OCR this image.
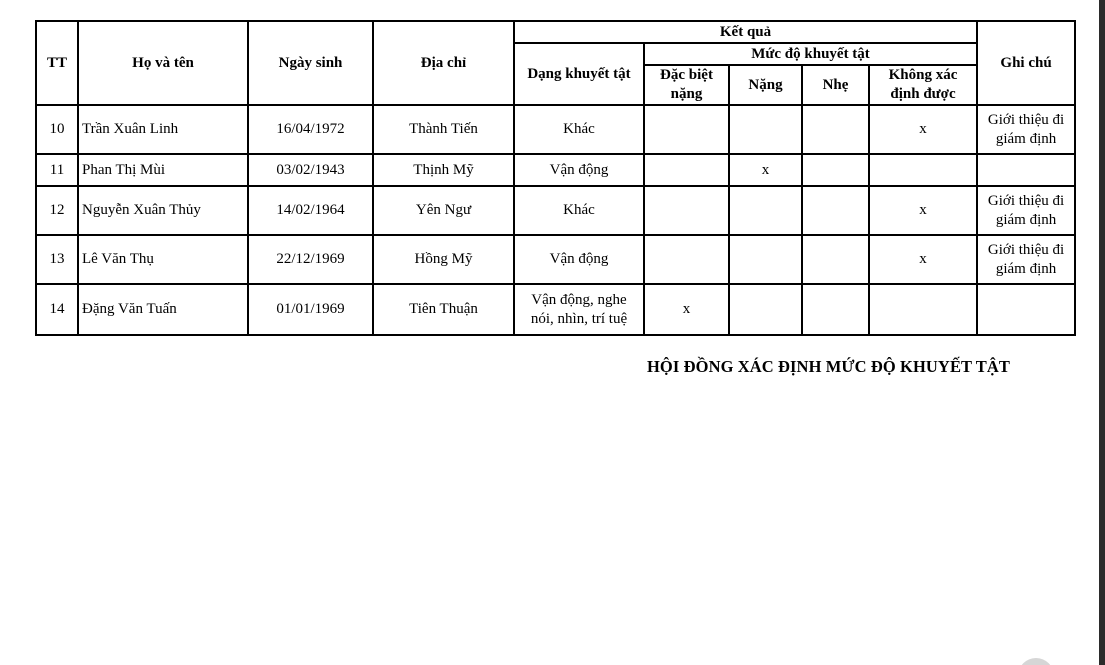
TT	Họ và tên	Ngày sinh	Địa chỉ	Kết quả					Ghi chú
				Dạng khuyết tật	Mức độ khuyết tật				
					Đặc biệt nặng	Nặng	Nhẹ	Không xác định được	
10	Trần Xuân Linh	16/04/1972	Thành Tiến	Khác				x	Giới thiệu đi giám định
11	Phan Thị Mùi	03/02/1943	Thịnh Mỹ	Vận động		x			
12	Nguyễn Xuân Thủy	14/02/1964	Yên Ngư	Khác				x	Giới thiệu đi giám định
13	Lê Văn Thụ	22/12/1969	Hồng Mỹ	Vận động				x	Giới thiệu đi giám định
14	Đặng Văn Tuấn	01/01/1969	Tiên Thuận	Vận động, nghe nói, nhìn, trí tuệ	x				
HỘI ĐỒNG XÁC ĐỊNH MỨC ĐỘ KHUYẾT TẬT
